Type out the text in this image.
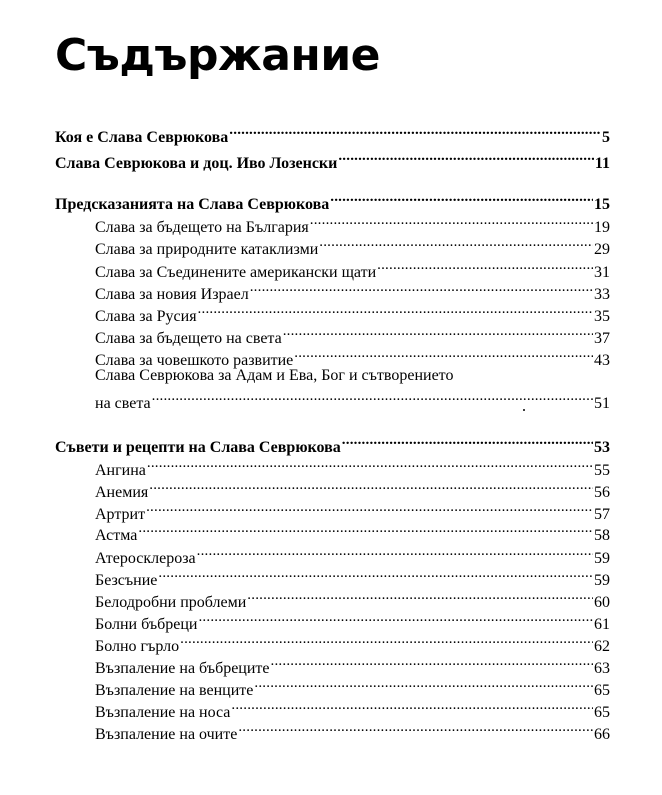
Съдържание
Коя е Слава Севрюкова .....	5
Слава Севрюкова и доц. Иво Лозенски .....	11
Предсказанията на Слава Севрюкова .....	15
Слава за бъдещето на България .....	19
Слава за природните катаклизми .....	29
Слава за Съединените американски щати .....	31
Слава за новия Израел .....	33
Слава за Русия .....	35
Слава за бъдещето на света .....	37
Слава за човешкото развитие .....	43
Слава Севрюкова за Адам и Ева, Бог и сътворението
на света .....	51
Съвети и рецепти на Слава Севрюкова .....	53
Ангина .....	55
Анемия .....	56
Артрит .....	57
Астма .....	58
Атеросклероза .....	59
Безсъние .....	59
Белодробни проблеми .....	60
Болни бъбреци .....	61
Болно гърло .....	62
Възпаление на бъбреците .....	63
Възпаление на венците .....	65
Възпаление на носа .....	65
Възпаление на очите .....	66
